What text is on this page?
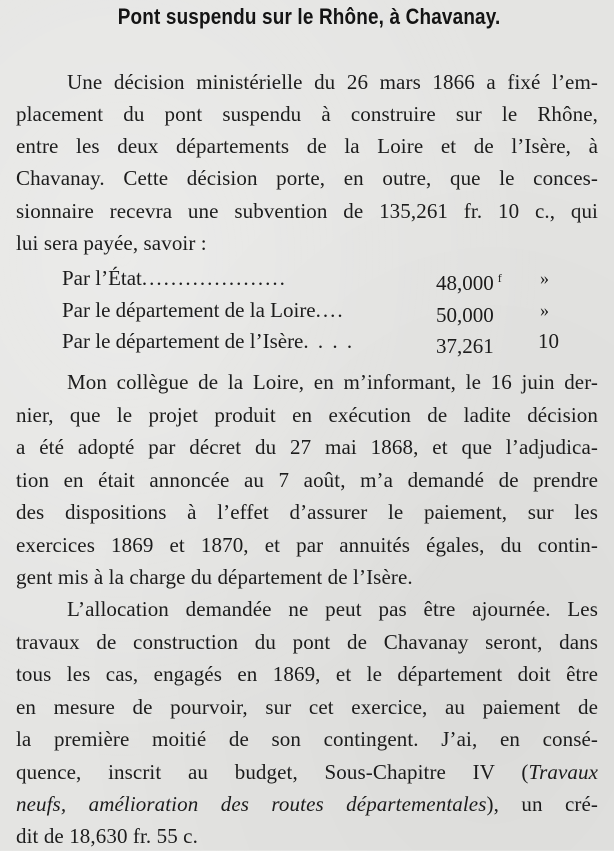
Pont suspendu sur le Rhône, à Chavanay.
Une décision ministérielle du 26 mars 1866 a fixé l’em-
placement du pont suspendu à construire sur le Rhône,
entre les deux départements de la Loire et de l’Isère, à
Chavanay. Cette décision porte, en outre, que le conces-
sionnaire recevra une subvention de 135,261 fr. 10 c., qui
lui sera payée, savoir :
Par l’État....................	48,000 $^f$ »
Par le département de la Loire....	50,000	»
Par le département de l’Isère. . . .	37,261 10
Mon collègue de la Loire, en m’informant, le 16 juin der-
nier, que le projet produit en exécution de ladite décision
a été adopté par décret du 27 mai 1868, et que l’adjudica-
tion en était annoncée au 7 août, m’a demandé de prendre
des dispositions à l’effet d’assurer le paiement, sur les
exercices 1869 et 1870, et par annuités égales, du contin-
gent mis à la charge du département de l’Isère.
L’allocation demandée ne peut pas être ajournée. Les
travaux de construction du pont de Chavanay seront, dans
tous les cas, engagés en 1869, et le département doit être
en mesure de pourvoir, sur cet exercice, au paiement de
la première moitié de son contingent. J’ai, en consé-
quence, inscrit au budget, Sous-Chapitre IV (Travaux
neufs, amélioration des routes départementales), un cré-
dit de 18,630 fr. 55 c.
